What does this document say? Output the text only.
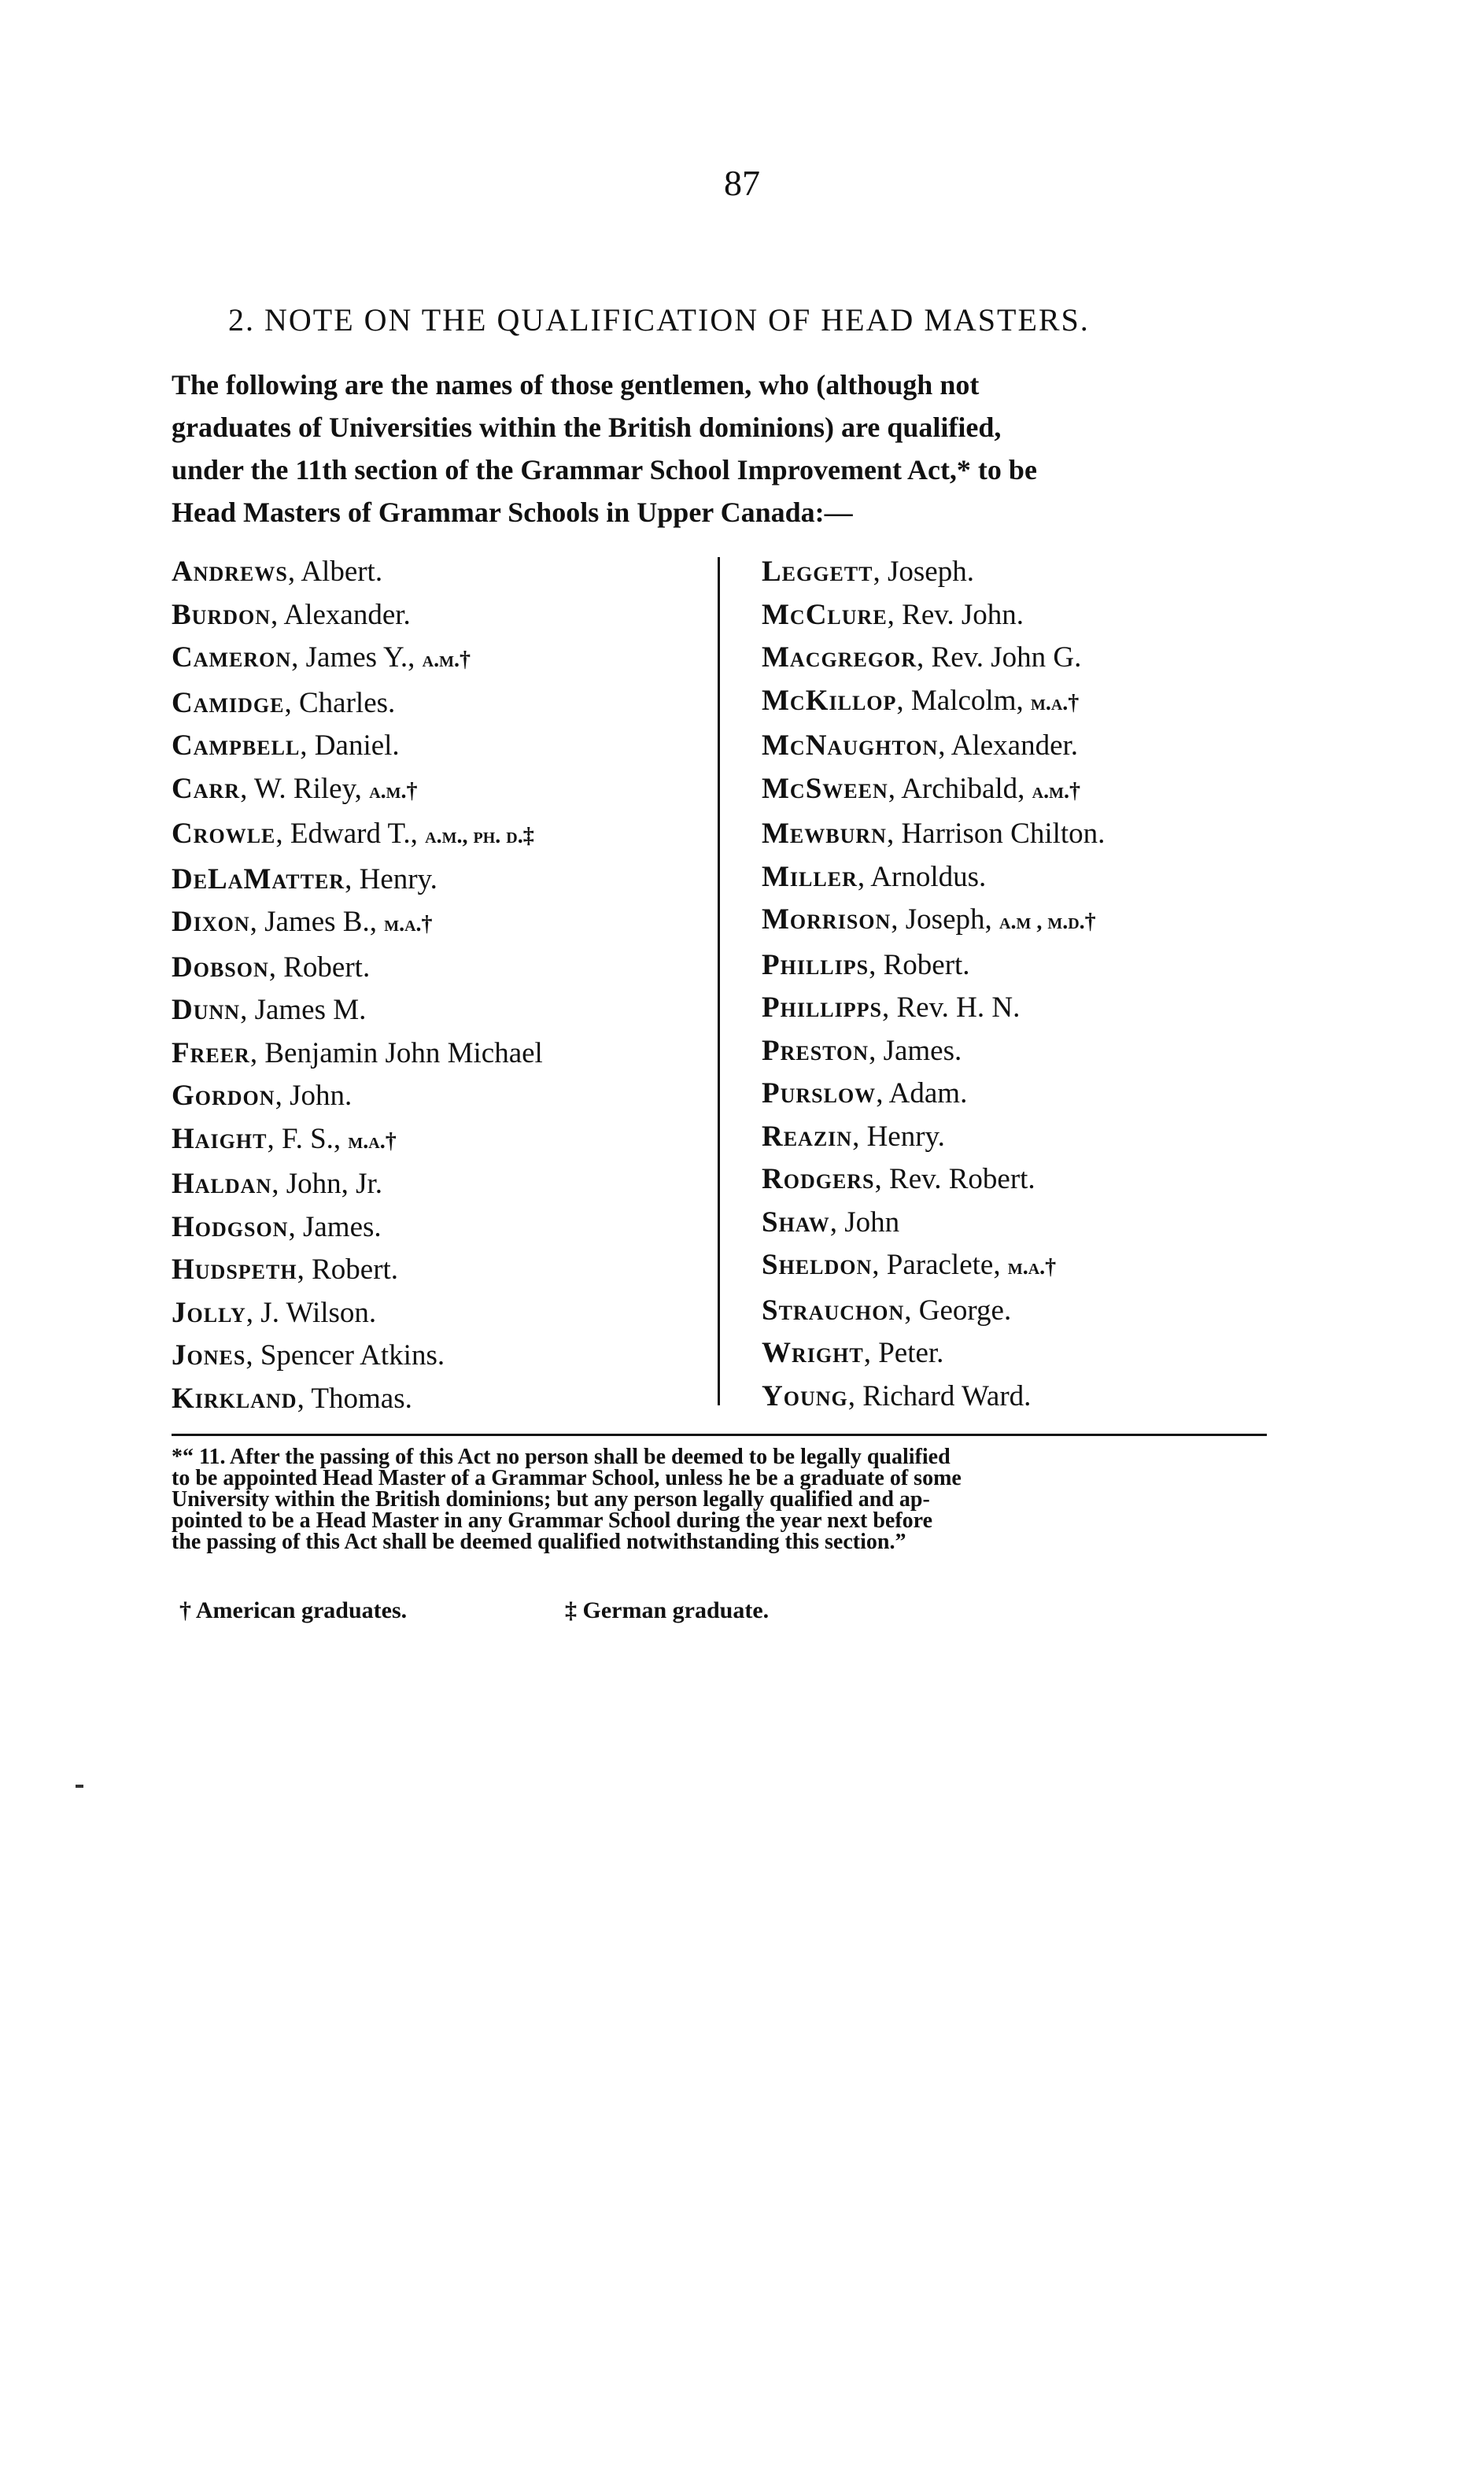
87
2. NOTE ON THE QUALIFICATION OF HEAD MASTERS.
The following are the names of those gentlemen, who (although not
graduates of Universities within the British dominions) are qualified,
under the 11th section of the Grammar School Improvement Act,* to be
Head Masters of Grammar Schools in Upper Canada:—
Andrews, Albert.
Burdon, Alexander.
Cameron, James Y., a.m.†
Camidge, Charles.
Campbell, Daniel.
Carr, W. Riley, a.m.†
Crowle, Edward T., a.m., ph. d.‡
DeLaMatter, Henry.
Dixon, James B., m.a.†
Dobson, Robert.
Dunn, James M.
Freer, Benjamin John Michael
Gordon, John.
Haight, F. S., m.a.†
Haldan, John, Jr.
Hodgson, James.
Hudspeth, Robert.
Jolly, J. Wilson.
Jones, Spencer Atkins.
Kirkland, Thomas.
Leggett, Joseph.
McClure, Rev. John.
Macgregor, Rev. John G.
McKillop, Malcolm, m.a.†
McNaughton, Alexander.
McSween, Archibald, a.m.†
Mewburn, Harrison Chilton.
Miller, Arnoldus.
Morrison, Joseph, a.m , m.d.†
Phillips, Robert.
Phillipps, Rev. H. N.
Preston, James.
Purslow, Adam.
Reazin, Henry.
Rodgers, Rev. Robert.
Shaw, John
Sheldon, Paraclete, m.a.†
Strauchon, George.
Wright, Peter.
Young, Richard Ward.
*“ 11. After the passing of this Act no person shall be deemed to be legally qualified
to be appointed Head Master of a Grammar School, unless he be a graduate of some
University within the British dominions; but any person legally qualified and ap-
pointed to be a Head Master in any Grammar School during the year next before
the passing of this Act shall be deemed qualified notwithstanding this section.”
† American graduates.	‡ German graduate.
